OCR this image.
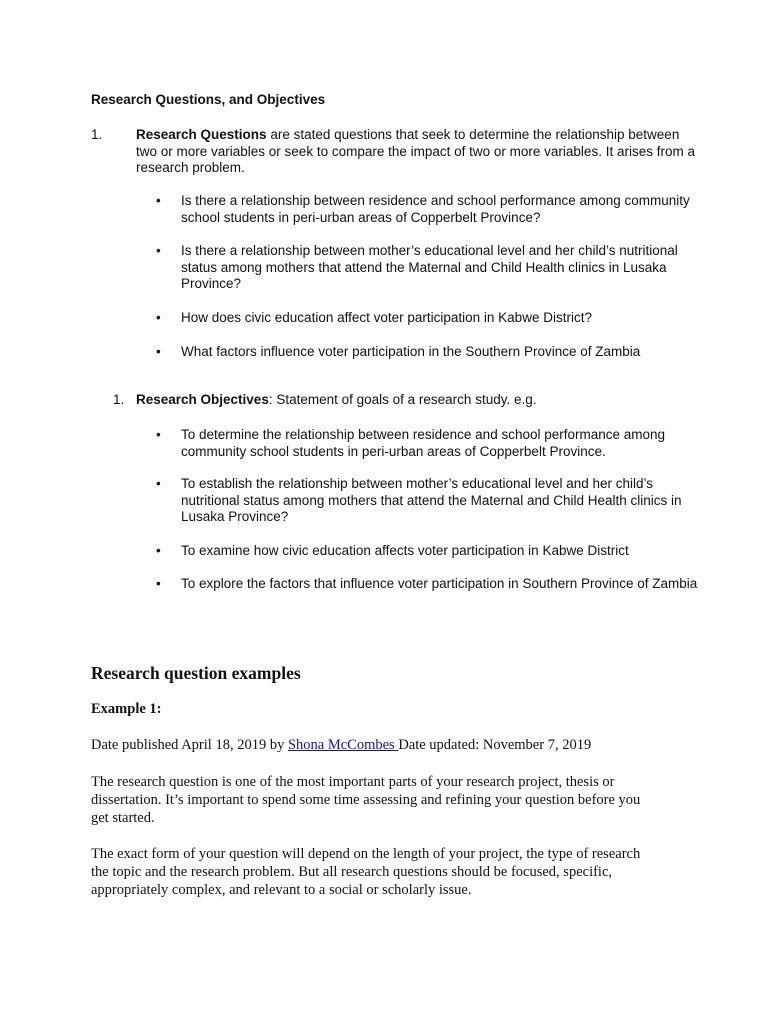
Research Questions, and Objectives
1. Research Questions are stated questions that seek to determine the relationship between two or more variables or seek to compare the impact of two or more variables. It arises from a research problem.
•	Is there a relationship between residence and school performance among community school students in peri-urban areas of Copperbelt Province?
•	Is there a relationship between mother’s educational level and her child’s nutritional status among mothers that attend the Maternal and Child Health clinics in Lusaka Province?
•	How does civic education affect voter participation in Kabwe District?
•	What factors influence voter participation in the Southern Province of Zambia
1. Research Objectives: Statement of goals of a research study. e.g.
•	To determine the relationship between residence and school performance among community school students in peri-urban areas of Copperbelt Province.
•	To establish the relationship between mother’s educational level and her child’s nutritional status among mothers that attend the Maternal and Child Health clinics in Lusaka Province?
•	To examine how civic education affects voter participation in Kabwe District
•	To explore the factors that influence voter participation in Southern Province of Zambia
Research question examples
Example 1:
Date published April 18, 2019 by Shona McCombes Date updated: November 7, 2019
The research question is one of the most important parts of your research project, thesis or dissertation. It’s important to spend some time assessing and refining your question before you get started.
The exact form of your question will depend on the length of your project, the type of research the topic and the research problem. But all research questions should be focused, specific, appropriately complex, and relevant to a social or scholarly issue.
